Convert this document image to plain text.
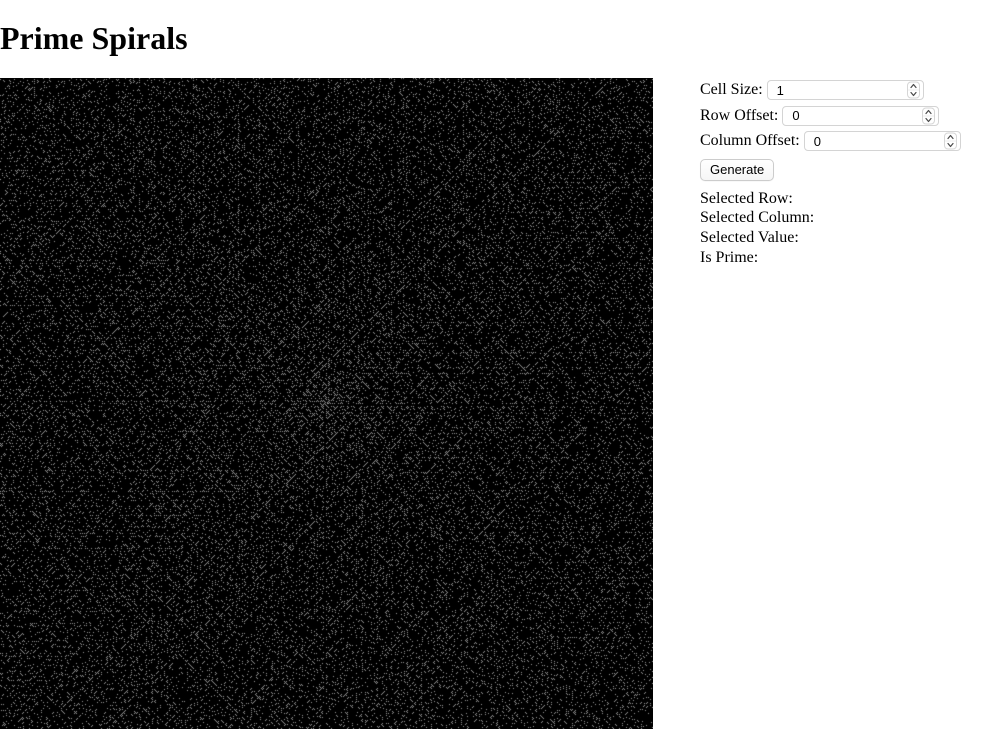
Prime Spirals
Cell Size:1
Row Offset:0
Column Offset:0
Generate
Selected Row:
Selected Column:
Selected Value:
Is Prime:
